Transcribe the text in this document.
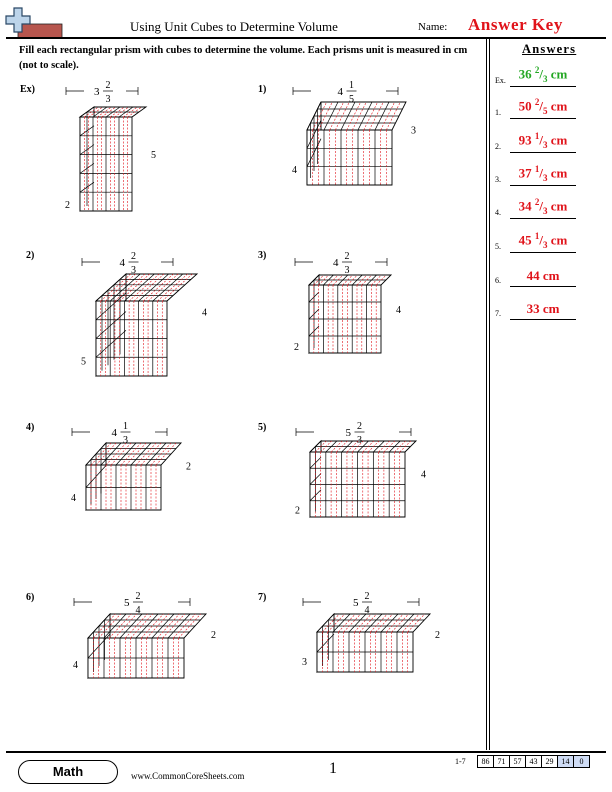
Using Unit Cubes to Determine Volume	Name: Answer Key
Fill each rectangular prism with cubes to determine the volume. Each prisms unit is measured in cm (not to scale).
Answers
Ex. 36 $^2/_3$ cm
1.	50 $^2/_5$ cm
2.	93 $^1/_3$ cm
3.	37 $^1/_3$ cm
4.	34 $^2/_3$ cm
5.	45 $^1/_3$ cm
6.	44 cm
7.	33 cm
Ex)	3
2
3
5
2
1)	4
1
5
3
4
2)
4
2
3
4
5
3)
4
2
3
4
2
4)	4
1
3
2
4
5)	5
2
3
4
2
6)	5
2
4
2
4
7)	5
2
4
2
3
Math	www.CommonCoreSheets.com	1	1-7 86	71	57	43	29	14	0
